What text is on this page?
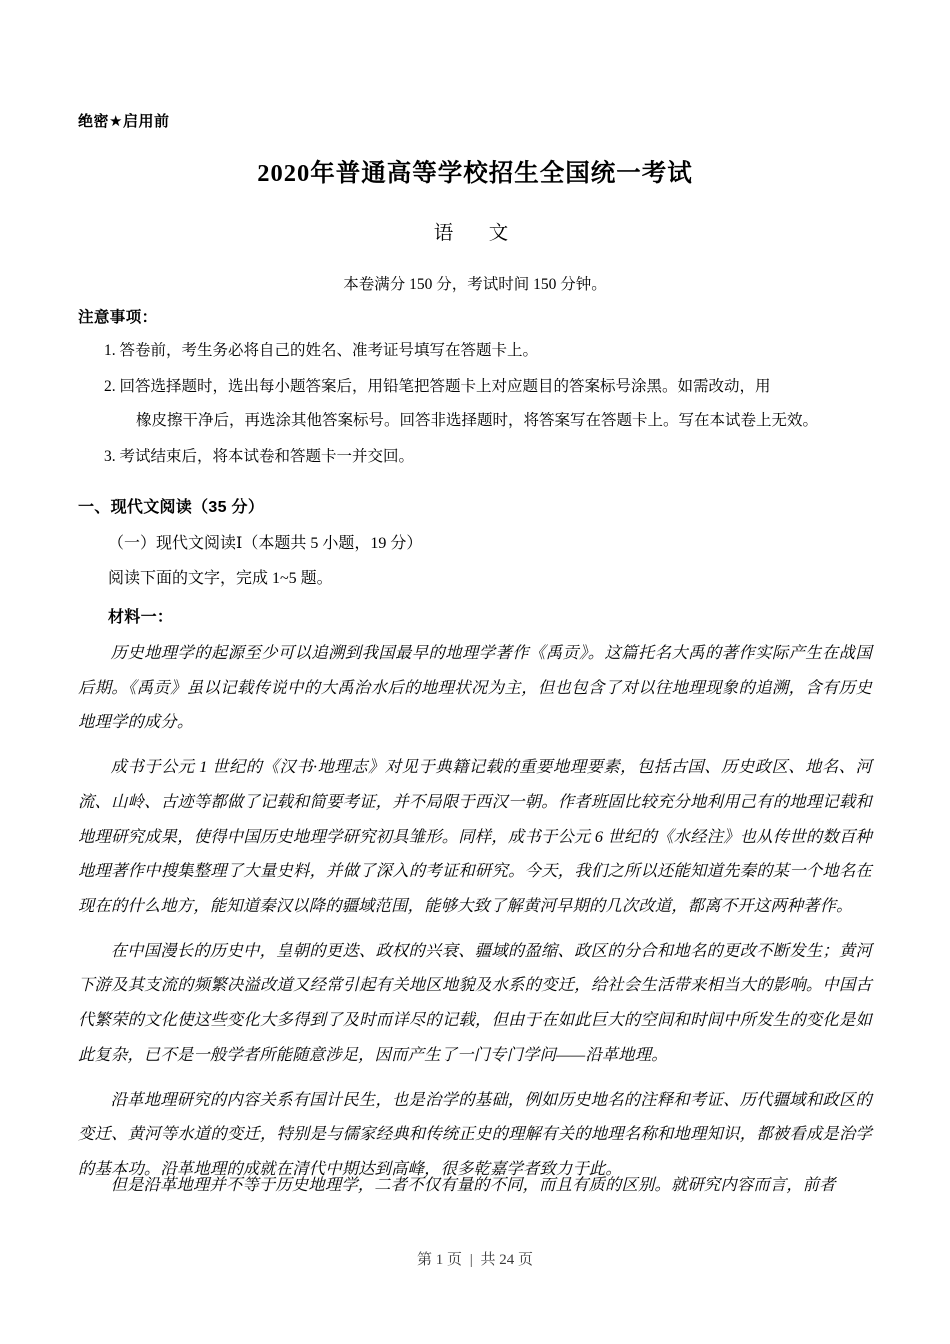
绝密★启用前
2020年普通高等学校招生全国统一考试
语　文
本卷满分 150 分，考试时间 150 分钟。
注意事项：
1. 答卷前，考生务必将自己的姓名、准考证号填写在答题卡上。
2. 回答选择题时，选出每小题答案后，用铅笔把答题卡上对应题目的答案标号涂黑。如需改动，用
橡皮擦干净后，再选涂其他答案标号。回答非选择题时，将答案写在答题卡上。写在本试卷上无效。
3. 考试结束后，将本试卷和答题卡一并交回。
一、现代文阅读（35 分）
（一）现代文阅读Ⅰ（本题共 5 小题，19 分）
阅读下面的文字，完成 1~5 题。
材料一：
历史地理学的起源至少可以追溯到我国最早的地理学著作《禹贡》。这篇托名大禹的著作实际产生在战国后期。《禹贡》虽以记载传说中的大禹治水后的地理状况为主，但也包含了对以往地理现象的追溯，含有历史地理学的成分。
成书于公元 1 世纪的《汉书·地理志》对见于典籍记载的重要地理要素，包括古国、历史政区、地名、河流、山岭、古迹等都做了记载和简要考证，并不局限于西汉一朝。作者班固比较充分地利用己有的地理记载和地理研究成果，使得中国历史地理学研究初具雏形。同样，成书于公元 6 世纪的《水经注》也从传世的数百种地理著作中搜集整理了大量史料，并做了深入的考证和研究。今天，我们之所以还能知道先秦的某一个地名在现在的什么地方，能知道秦汉以降的疆域范围，能够大致了解黄河早期的几次改道，都离不开这两种著作。
在中国漫长的历史中，皇朝的更迭、政权的兴衰、疆域的盈缩、政区的分合和地名的更改不断发生；黄河下游及其支流的频繁决溢改道又经常引起有关地区地貌及水系的变迁，给社会生活带来相当大的影响。中国古代繁荣的文化使这些变化大多得到了及时而详尽的记载，但由于在如此巨大的空间和时间中所发生的变化是如此复杂，已不是一般学者所能随意涉足，因而产生了一门专门学问——沿革地理。
沿革地理研究的内容关系有国计民生，也是治学的基础，例如历史地名的注释和考证、历代疆域和政区的变迁、黄河等水道的变迁，特别是与儒家经典和传统正史的理解有关的地理名称和地理知识，都被看成是治学的基本功。沿革地理的成就在清代中期达到高峰，很多乾嘉学者致力于此。
但是沿革地理并不等于历史地理学，二者不仅有量的不同，而且有质的区别。就研究内容而言，前者
第 1 页 | 共 24 页
